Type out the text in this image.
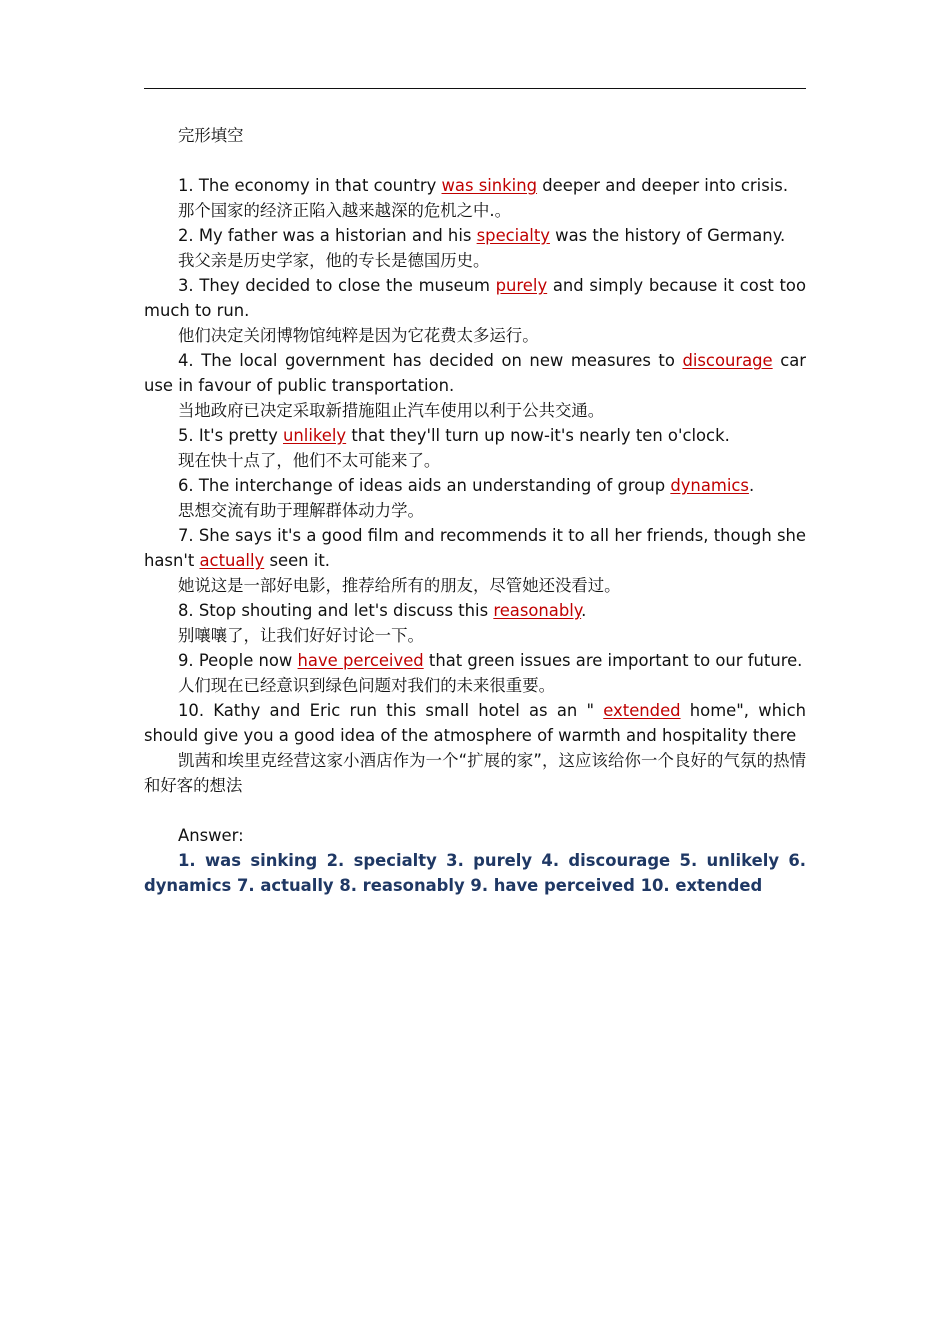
完形填空

1. The economy in that country was sinking deeper and deeper into crisis.

那个国家的经济正陷入越来越深的危机之中.。

2. My father was a historian and his specialty was the history of Germany.

我父亲是历史学家，他的专长是德国历史。

3. They decided to close the museum purely and simply because it cost too much to run.

他们决定关闭博物馆纯粹是因为它花费太多运行。

4. The local government has decided on new measures to discourage car use in favour of public transportation.

当地政府已决定采取新措施阻止汽车使用以利于公共交通。

5. It's pretty unlikely that they'll turn up now-it's nearly ten o'clock.

现在快十点了，他们不太可能来了。

6. The interchange of ideas aids an understanding of group dynamics.

思想交流有助于理解群体动力学。

7. She says it's a good film and recommends it to all her friends, though she hasn't actually seen it.

她说这是一部好电影，推荐给所有的朋友，尽管她还没看过。

8. Stop shouting and let's discuss this reasonably.

别嚷嚷了，让我们好好讨论一下。

9. People now have perceived that green issues are important to our future.

人们现在已经意识到绿色问题对我们的未来很重要。

10. Kathy and Eric run this small hotel as an " extended home", which should give you a good idea of the atmosphere of warmth and hospitality there

凯茜和埃里克经营这家小酒店作为一个“扩展的家”，这应该给你一个良好的气氛的热情和好客的想法

Answer:

1. was sinking 2. specialty 3. purely 4. discourage 5. unlikely 6. dynamics 7. actually 8. reasonably 9. have perceived 10. extended
